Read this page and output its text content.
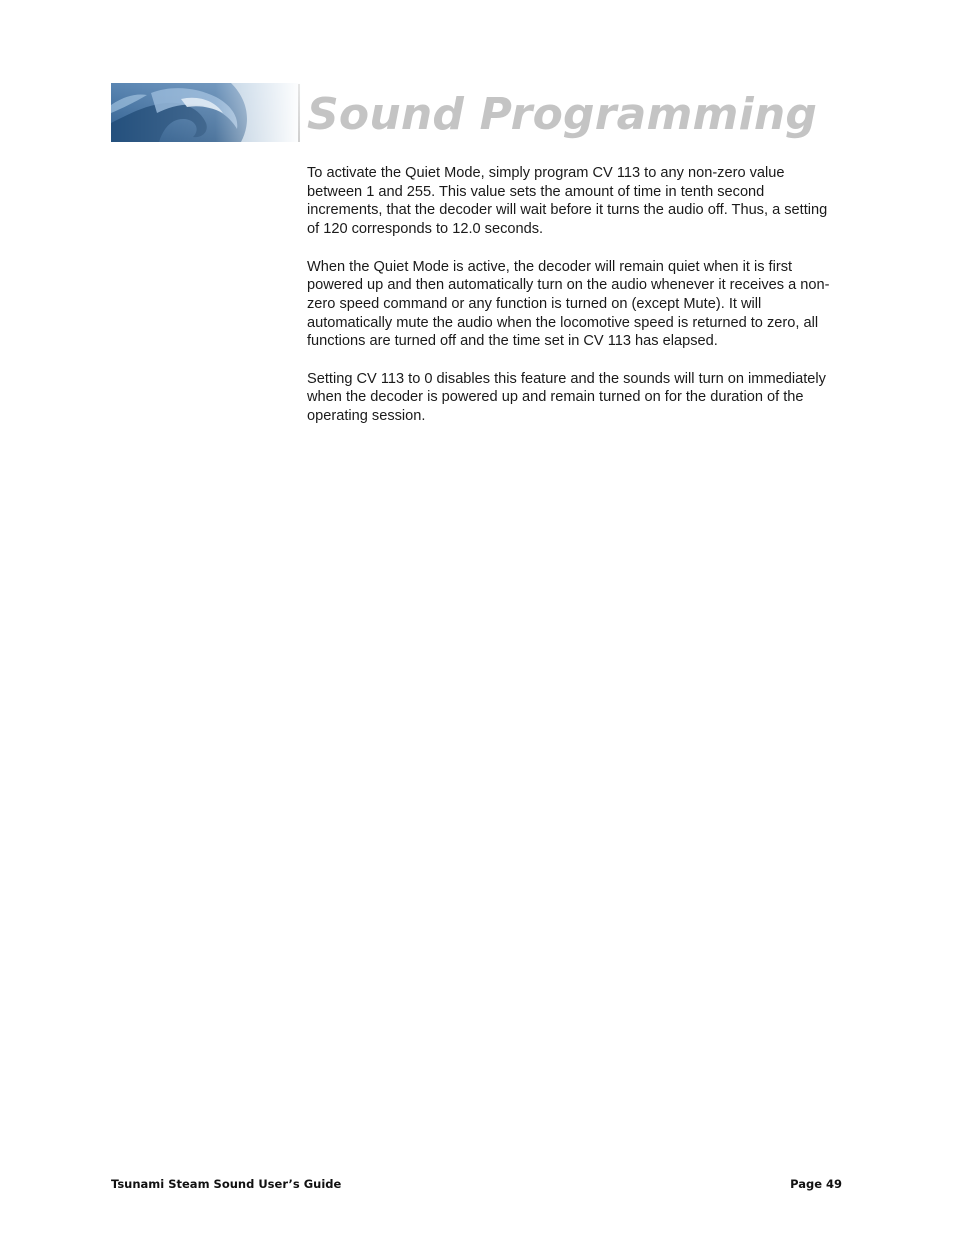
Sound Programming

To activate the Quiet Mode, simply program CV 113 to any non-zero value between 1 and 255. This value sets the amount of time in tenth second increments, that the decoder will wait before it turns the audio off. Thus, a setting of 120 corresponds to 12.0 seconds.

When the Quiet Mode is active, the decoder will remain quiet when it is first powered up and then automatically turn on the audio whenever it receives a non-zero speed command or any function is turned on (except Mute). It will automatically mute the audio when the locomotive speed is returned to zero, all functions are turned off and the time set in CV 113 has elapsed.

Setting CV 113 to 0 disables this feature and the sounds will turn on immediately when the decoder is powered up and remain turned on for the duration of the operating session.

Tsunami Steam Sound User’s Guide	Page 49
